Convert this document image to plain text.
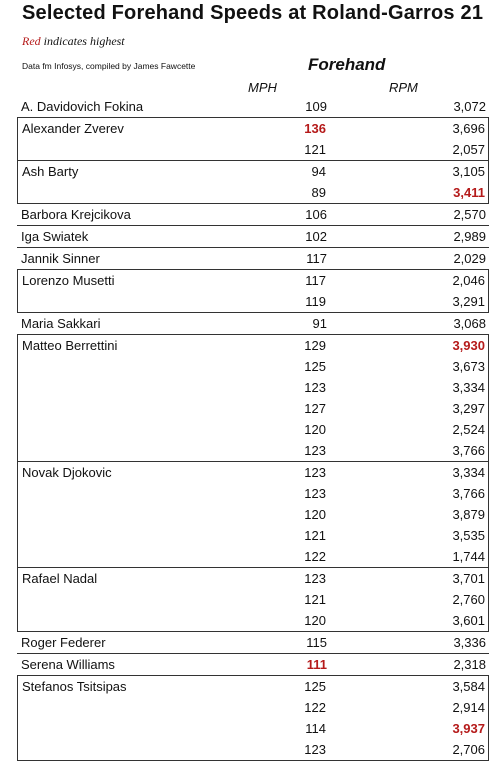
Selected Forehand Speeds at Roland-Garros 21
Red indicates highest
Data fm Infosys, compiled by James Fawcette	Forehand
MPH	RPM
A. Davidovich Fokina	109	3,072
Alexander Zverev	136	3,696
121	2,057
Ash Barty	94	3,105
89	3,411
Barbora Krejcikova	106	2,570
Iga Swiatek	102	2,989
Jannik Sinner	117	2,029
Lorenzo Musetti	117	2,046
119	3,291
Maria Sakkari	91	3,068
Matteo Berrettini	129	3,930
125	3,673
123	3,334
127	3,297
120	2,524
123	3,766
Novak Djokovic	123	3,334
123	3,766
120	3,879
121	3,535
122	1,744
Rafael Nadal	123	3,701
121	2,760
120	3,601
Roger Federer	115	3,336
Serena Williams	111	2,318
Stefanos Tsitsipas	125	3,584
122	2,914
114	3,937
123	2,706
